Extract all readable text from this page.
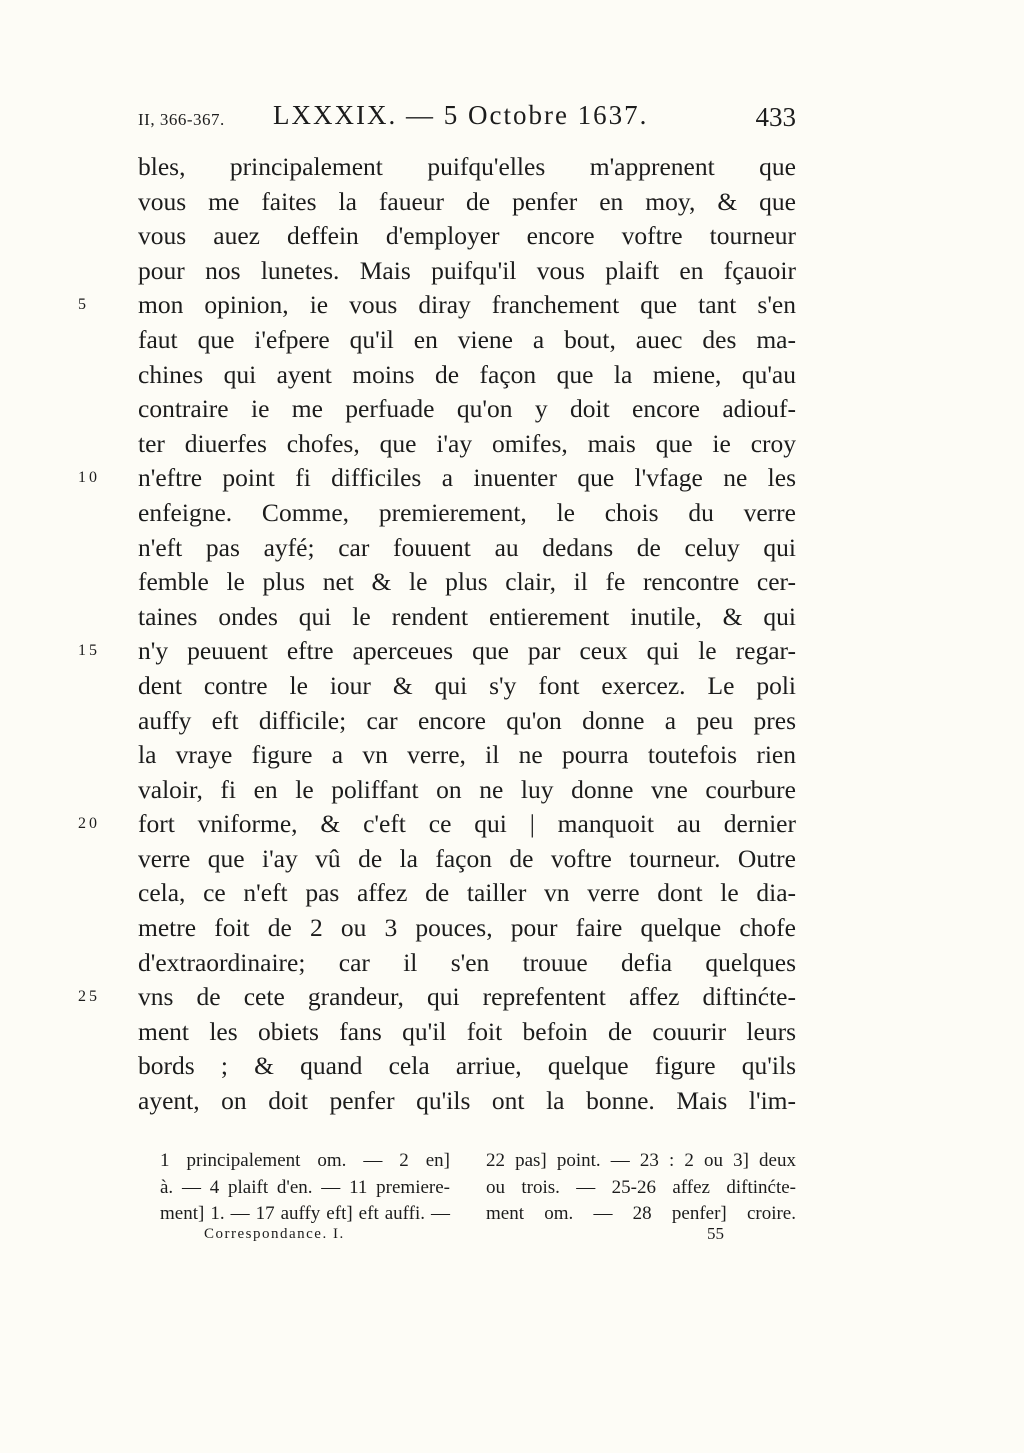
II, 366-367. LXXXIX. — 5 Octobre 1637.	433
bles, principalement puifqu'elles m'apprenent que
vous me faites la faueur de penfer en moy, & que
vous auez deffein d'employer encore voftre tourneur
pour nos lunetes. Mais puifqu'il vous plaift en fçauoir
5	mon opinion, ie vous diray franchement que tant s'en
faut que i'efpere qu'il en viene a bout, auec des ma-
chines qui ayent moins de façon que la miene, qu'au
contraire ie me perfuade qu'on y doit encore adiouf-
ter diuerfes chofes, que i'ay omifes, mais que ie croy
10	n'eftre point fi difficiles a inuenter que l'vfage ne les
enfeigne. Comme, premierement, le chois du verre
n'eft pas ayfé; car fouuent au dedans de celuy qui
femble le plus net & le plus clair, il fe rencontre cer-
taines ondes qui le rendent entierement inutile, & qui
15	n'y peuuent eftre aperceues que par ceux qui le regar-
dent contre le iour & qui s'y font exercez. Le poli
auffy eft difficile; car encore qu'on donne a peu pres
la vraye figure a vn verre, il ne pourra toutefois rien
valoir, fi en le poliffant on ne luy donne vne courbure
20	fort vniforme, & c'eft ce qui | manquoit au dernier
verre que i'ay vû de la façon de voftre tourneur. Outre
cela, ce n'eft pas affez de tailler vn verre dont le dia-
metre foit de 2 ou 3 pouces, pour faire quelque chofe
d'extraordinaire; car il s'en trouue defia quelques
25	vns de cete grandeur, qui reprefentent affez diftinćte-
ment les obiets fans qu'il foit befoin de couurir leurs
bords ; & quand cela arriue, quelque figure qu'ils
ayent, on doit penfer qu'ils ont la bonne. Mais l'im-
1 principalement om. — 2 en]
à. — 4 plaift d'en. — 11 premiere-
ment] 1. — 17 auffy eft] eft auffi. —
22 pas] point. — 23 : 2 ou 3] deux
ou trois. — 25-26 affez diftinćte-
ment om. — 28 penfer] croire.
Correspondance. I.	55
